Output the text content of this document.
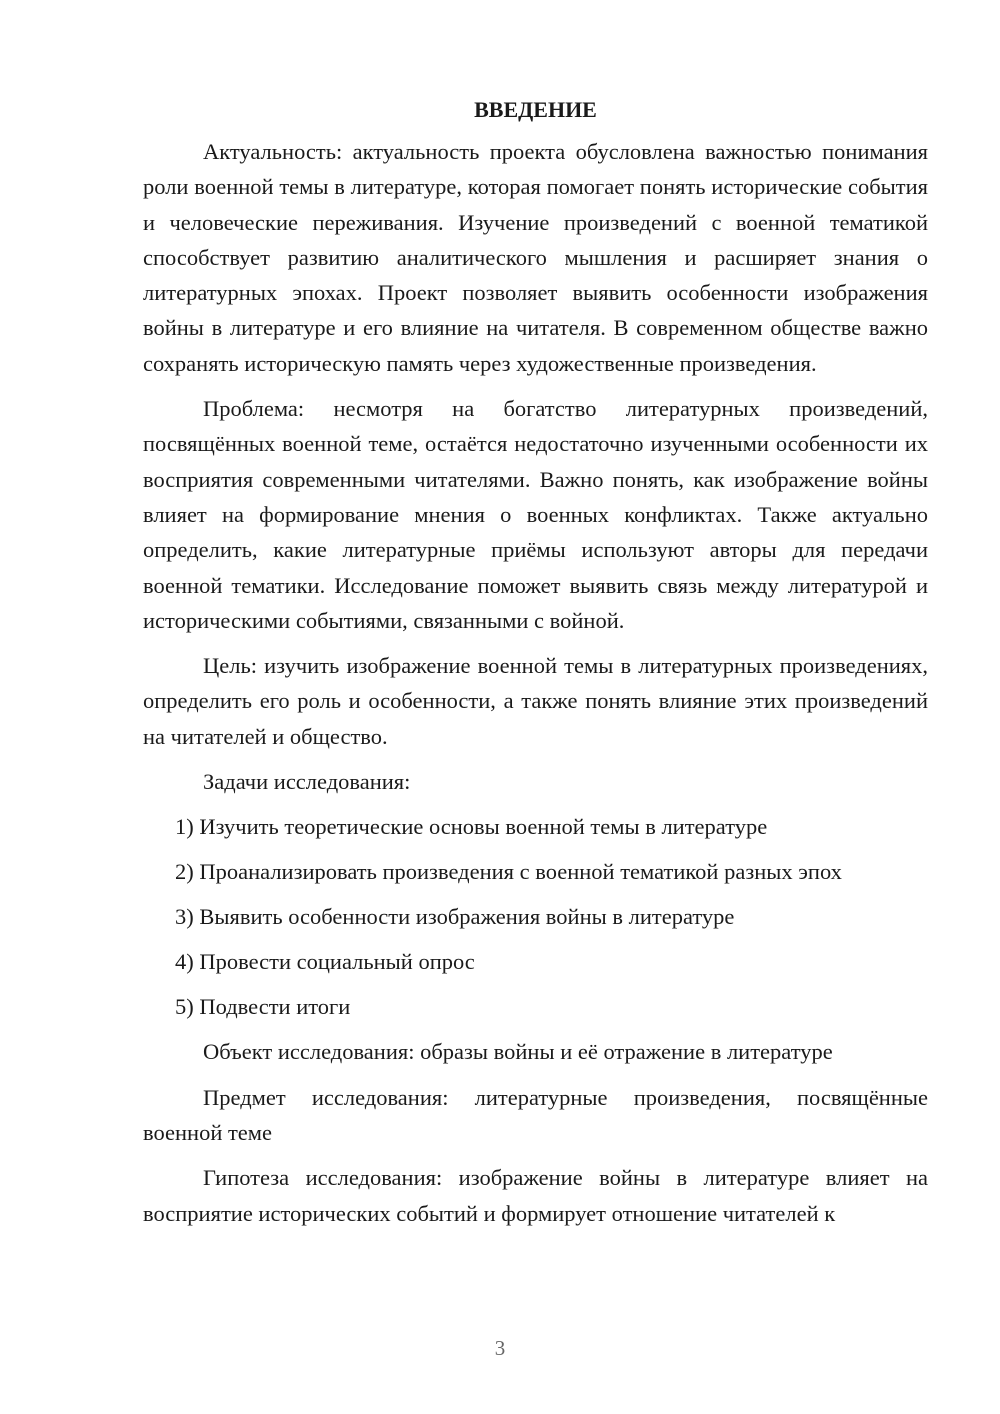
ВВЕДЕНИЕ

Актуальность: актуальность проекта обусловлена важностью понимания роли военной темы в литературе, которая помогает понять исторические события и человеческие переживания. Изучение произведений с военной тематикой способствует развитию аналитического мышления и расширяет знания о литературных эпохах. Проект позволяет выявить особенности изображения войны в литературе и его влияние на читателя. В современном обществе важно сохранять историческую память через художественные произведения.

Проблема: несмотря на богатство литературных произведений, посвящённых военной теме, остаётся недостаточно изученными особенности их восприятия современными читателями. Важно понять, как изображение войны влияет на формирование мнения о военных конфликтах. Также актуально определить, какие литературные приёмы используют авторы для передачи военной тематики. Исследование поможет выявить связь между литературой и историческими событиями, связанными с войной.

Цель: изучить изображение военной темы в литературных произведениях, определить его роль и особенности, а также понять влияние этих произведений на читателей и общество.

Задачи исследования:

1) Изучить теоретические основы военной темы в литературе
2) Проанализировать произведения с военной тематикой разных эпох
3) Выявить особенности изображения войны в литературе
4) Провести социальный опрос
5) Подвести итоги

Объект исследования: образы войны и её отражение в литературе

Предмет исследования: литературные произведения, посвящённые военной теме

Гипотеза исследования: изображение войны в литературе влияет на восприятие исторических событий и формирует отношение читателей к

3
